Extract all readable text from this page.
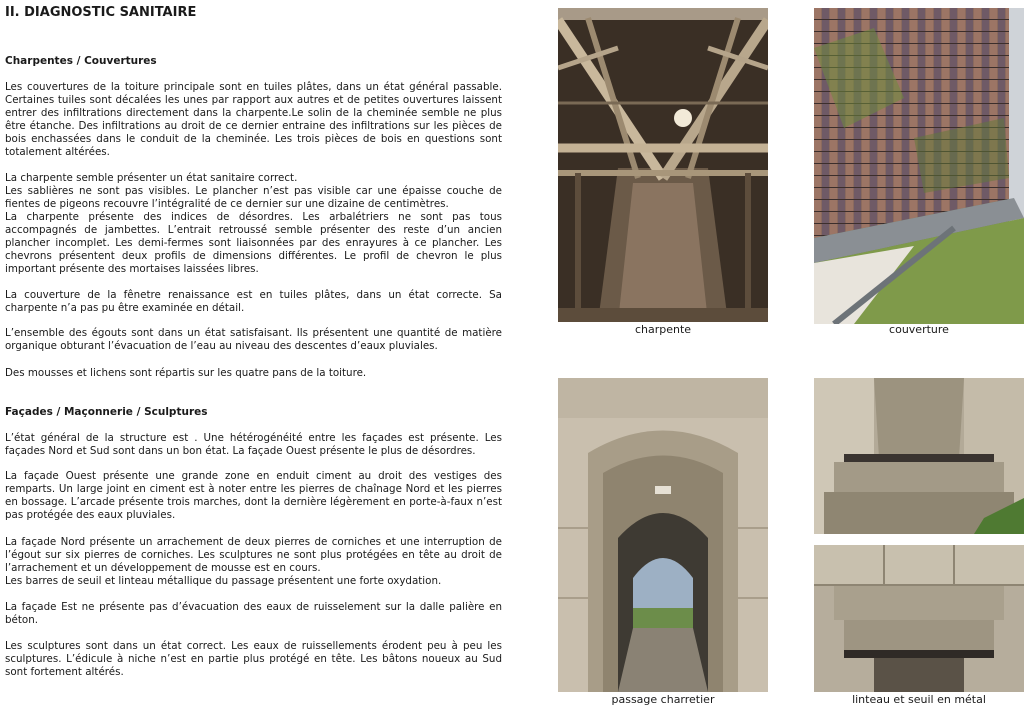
II. DIAGNOSTIC SANITAIRE
Charpentes / Couvertures
Les couvertures de la toiture principale sont en tuiles plâtes, dans un état général passable. Certaines tuiles sont décalées les unes par rapport aux autres et de petites ouvertures laissent entrer des infiltrations directement dans la charpente.Le solin de la cheminée semble ne plus être étanche. Des infiltrations au droit de ce dernier entraine des infiltrations sur les pièces de bois enchassées dans le conduit de la cheminée. Les trois pièces de bois en questions sont totalement altérées.
La charpente semble présenter un état sanitaire correct.
Les sablières ne sont pas visibles. Le plancher n’est pas visible car une épaisse couche de fientes de pigeons recouvre l’intégralité de ce dernier sur une dizaine de centimètres.
La charpente présente des indices de désordres. Les arbalétriers ne sont pas tous accompagnés de jambettes. L’entrait retroussé semble présenter des reste d’un ancien plancher incomplet. Les demi-fermes sont liaisonnées par des enrayures à ce plancher. Les chevrons présentent deux profils de dimensions différentes. Le profil de chevron le plus important présente des mortaises laissées libres.
La couverture de la fênetre renaissance est en tuiles plâtes, dans un état correcte. Sa charpente n’a pas pu être examinée en détail.
L’ensemble des égouts sont dans un état satisfaisant. Ils présentent une quantité de matière organique obturant l’évacuation de l’eau au niveau des descentes d’eaux pluviales.
Des mousses et lichens sont répartis sur les quatre pans de la toiture.
Façades / Maçonnerie / Sculptures
L’état général de la structure est . Une hétérogénéité entre les façades est présente. Les façades Nord et Sud sont dans un bon état. La façade Ouest présente le plus de désordres.
La façade Ouest présente une grande zone en enduit ciment au droit des vestiges des remparts. Un large joint en ciment est à noter entre les pierres de chaînage Nord et les pierres en bossage. L’arcade présente trois marches, dont la dernière légèrement en porte-à-faux n’est pas protégée des eaux pluviales.
La façade Nord présente un arrachement de deux pierres de corniches et une interruption de l’égout sur six pierres de corniches. Les sculptures ne sont plus protégées en tête au droit de l’arrachement et un développement de mousse est en cours.
Les barres de seuil et linteau métallique du passage présentent une forte oxydation.
La façade Est ne présente pas d’évacuation des eaux de ruisselement sur la dalle palière en béton.
Les sculptures sont dans un état correct. Les eaux de ruissellements érodent peu à peu les sculptures. L’édicule à niche n’est en partie plus protégé en tête. Les bâtons noueux au Sud sont fortement altérés.
charpente	couverture
passage charretier	linteau et seuil en métal
